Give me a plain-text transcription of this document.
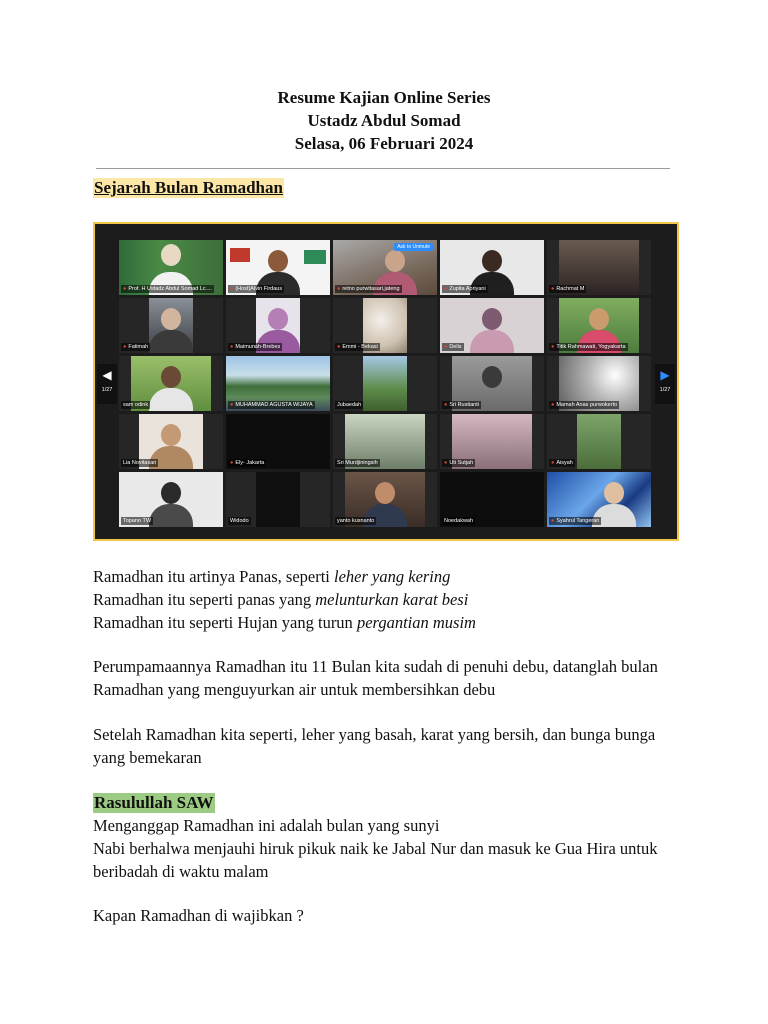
Resume Kajian Online Series
Ustadz Abdul Somad
Selasa, 06 Februari 2024
Sejarah Bulan Ramadhan
◀
1/27
▶
1/27
● Prof. H Ustadz Abdul Somad Lc....	● (Host)Alvin Firdaus
Ask to Unmute
● retno purwitasari,jateng	● Zupita Apriyani	● Rachmat M
● Fatimah	● Maimunah-Brebes	● Emmi - Bekasi	● Delis	● Titik Rahmawati, Yogyakarta
sam odink	● MUHAMMAD AGUSTA WIJAYA	Jubaedah	● Sri Rustianti	● Mamah Anas purwokerto
Lia Novitasari	● Ely- Jakarta	Sri Murdjiningsih	● Uti Sutjah	● Aisyah
Topano TW	Widodo	yanto kusnanto	Noedakwah	● Syahrul Tangeran

Ramadhan itu artinya Panas, seperti leher yang kering

Ramadhan itu seperti panas yang melunturkan karat besi

Ramadhan itu seperti Hujan yang turun pergantian musim

Perumpamaannya Ramadhan itu 11 Bulan kita sudah di penuhi debu, datanglah bulan Ramadhan yang menguyurkan air untuk membersihkan debu

Setelah Ramadhan kita seperti, leher yang basah, karat yang bersih, dan bunga bunga yang bemekaran

Rasulullah SAW

Menganggap Ramadhan ini adalah bulan yang sunyi

Nabi berhalwa menjauhi hiruk pikuk naik ke Jabal Nur dan masuk ke Gua Hira untuk beribadah di waktu malam

Kapan Ramadhan di wajibkan ?
